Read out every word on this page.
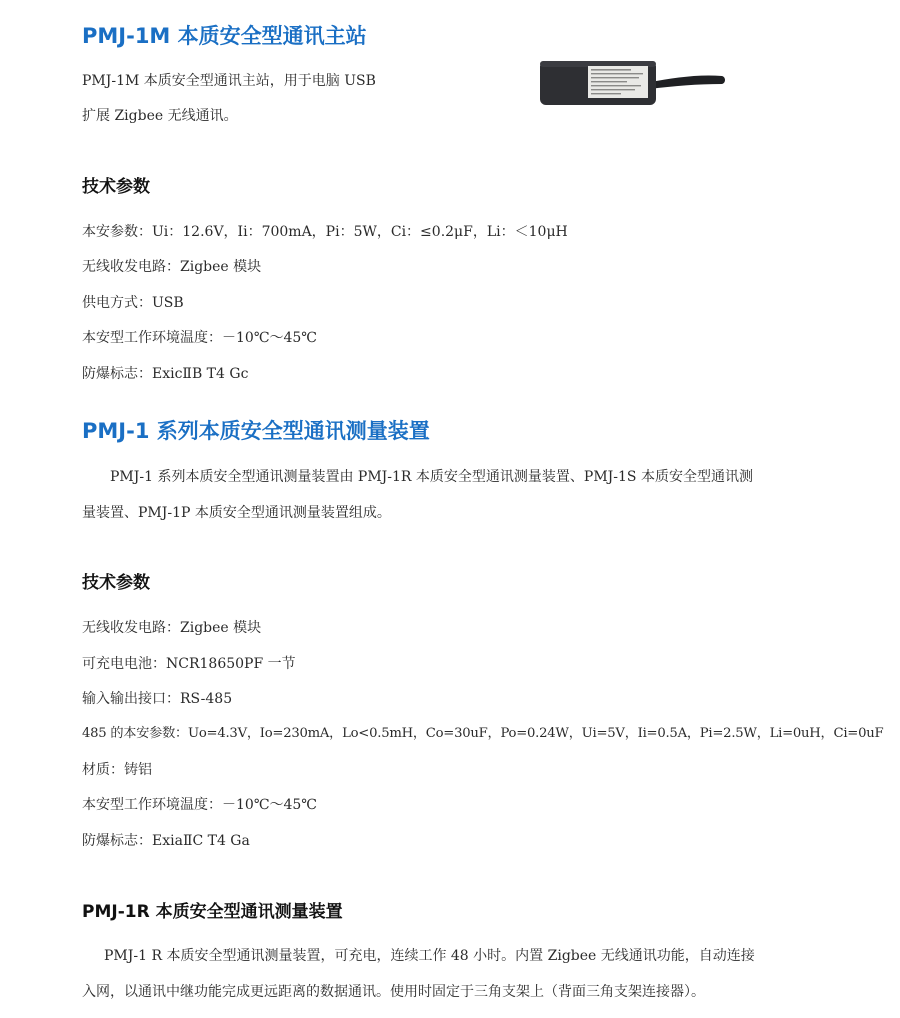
PMJ-1M 本质安全型通讯主站
PMJ-1M 本质安全型通讯主站，用于电脑 USB
扩展 Zigbee 无线通讯。
技术参数
本安参数：Ui：12.6V，Ii：700mA，Pi：5W，Ci：≤0.2μF，Li：＜10μH
无线收发电路：Zigbee 模块
供电方式：USB
本安型工作环境温度：－10℃～45℃
防爆标志：ExicⅡB T4 Gc
PMJ-1 系列本质安全型通讯测量装置
PMJ-1 系列本质安全型通讯测量装置由 PMJ-1R 本质安全型通讯测量装置、PMJ-1S 本质安全型通讯测
量装置、PMJ-1P 本质安全型通讯测量装置组成。
技术参数
无线收发电路：Zigbee 模块
可充电电池：NCR18650PF 一节
输入输出接口：RS-485
485 的本安参数：Uo=4.3V，Io=230mA，Lo<0.5mH，Co=30uF，Po=0.24W，Ui=5V，Ii=0.5A，Pi=2.5W，Li=0uH，Ci=0uF
材质：铸铝
本安型工作环境温度：－10℃～45℃
防爆标志：ExiaⅡC T4 Ga
PMJ-1R 本质安全型通讯测量装置
PMJ-1 R 本质安全型通讯测量装置，可充电，连续工作 48 小时。内置 Zigbee 无线通讯功能，自动连接
入网，以通讯中继功能完成更远距离的数据通讯。使用时固定于三角支架上（背面三角支架连接器）。
